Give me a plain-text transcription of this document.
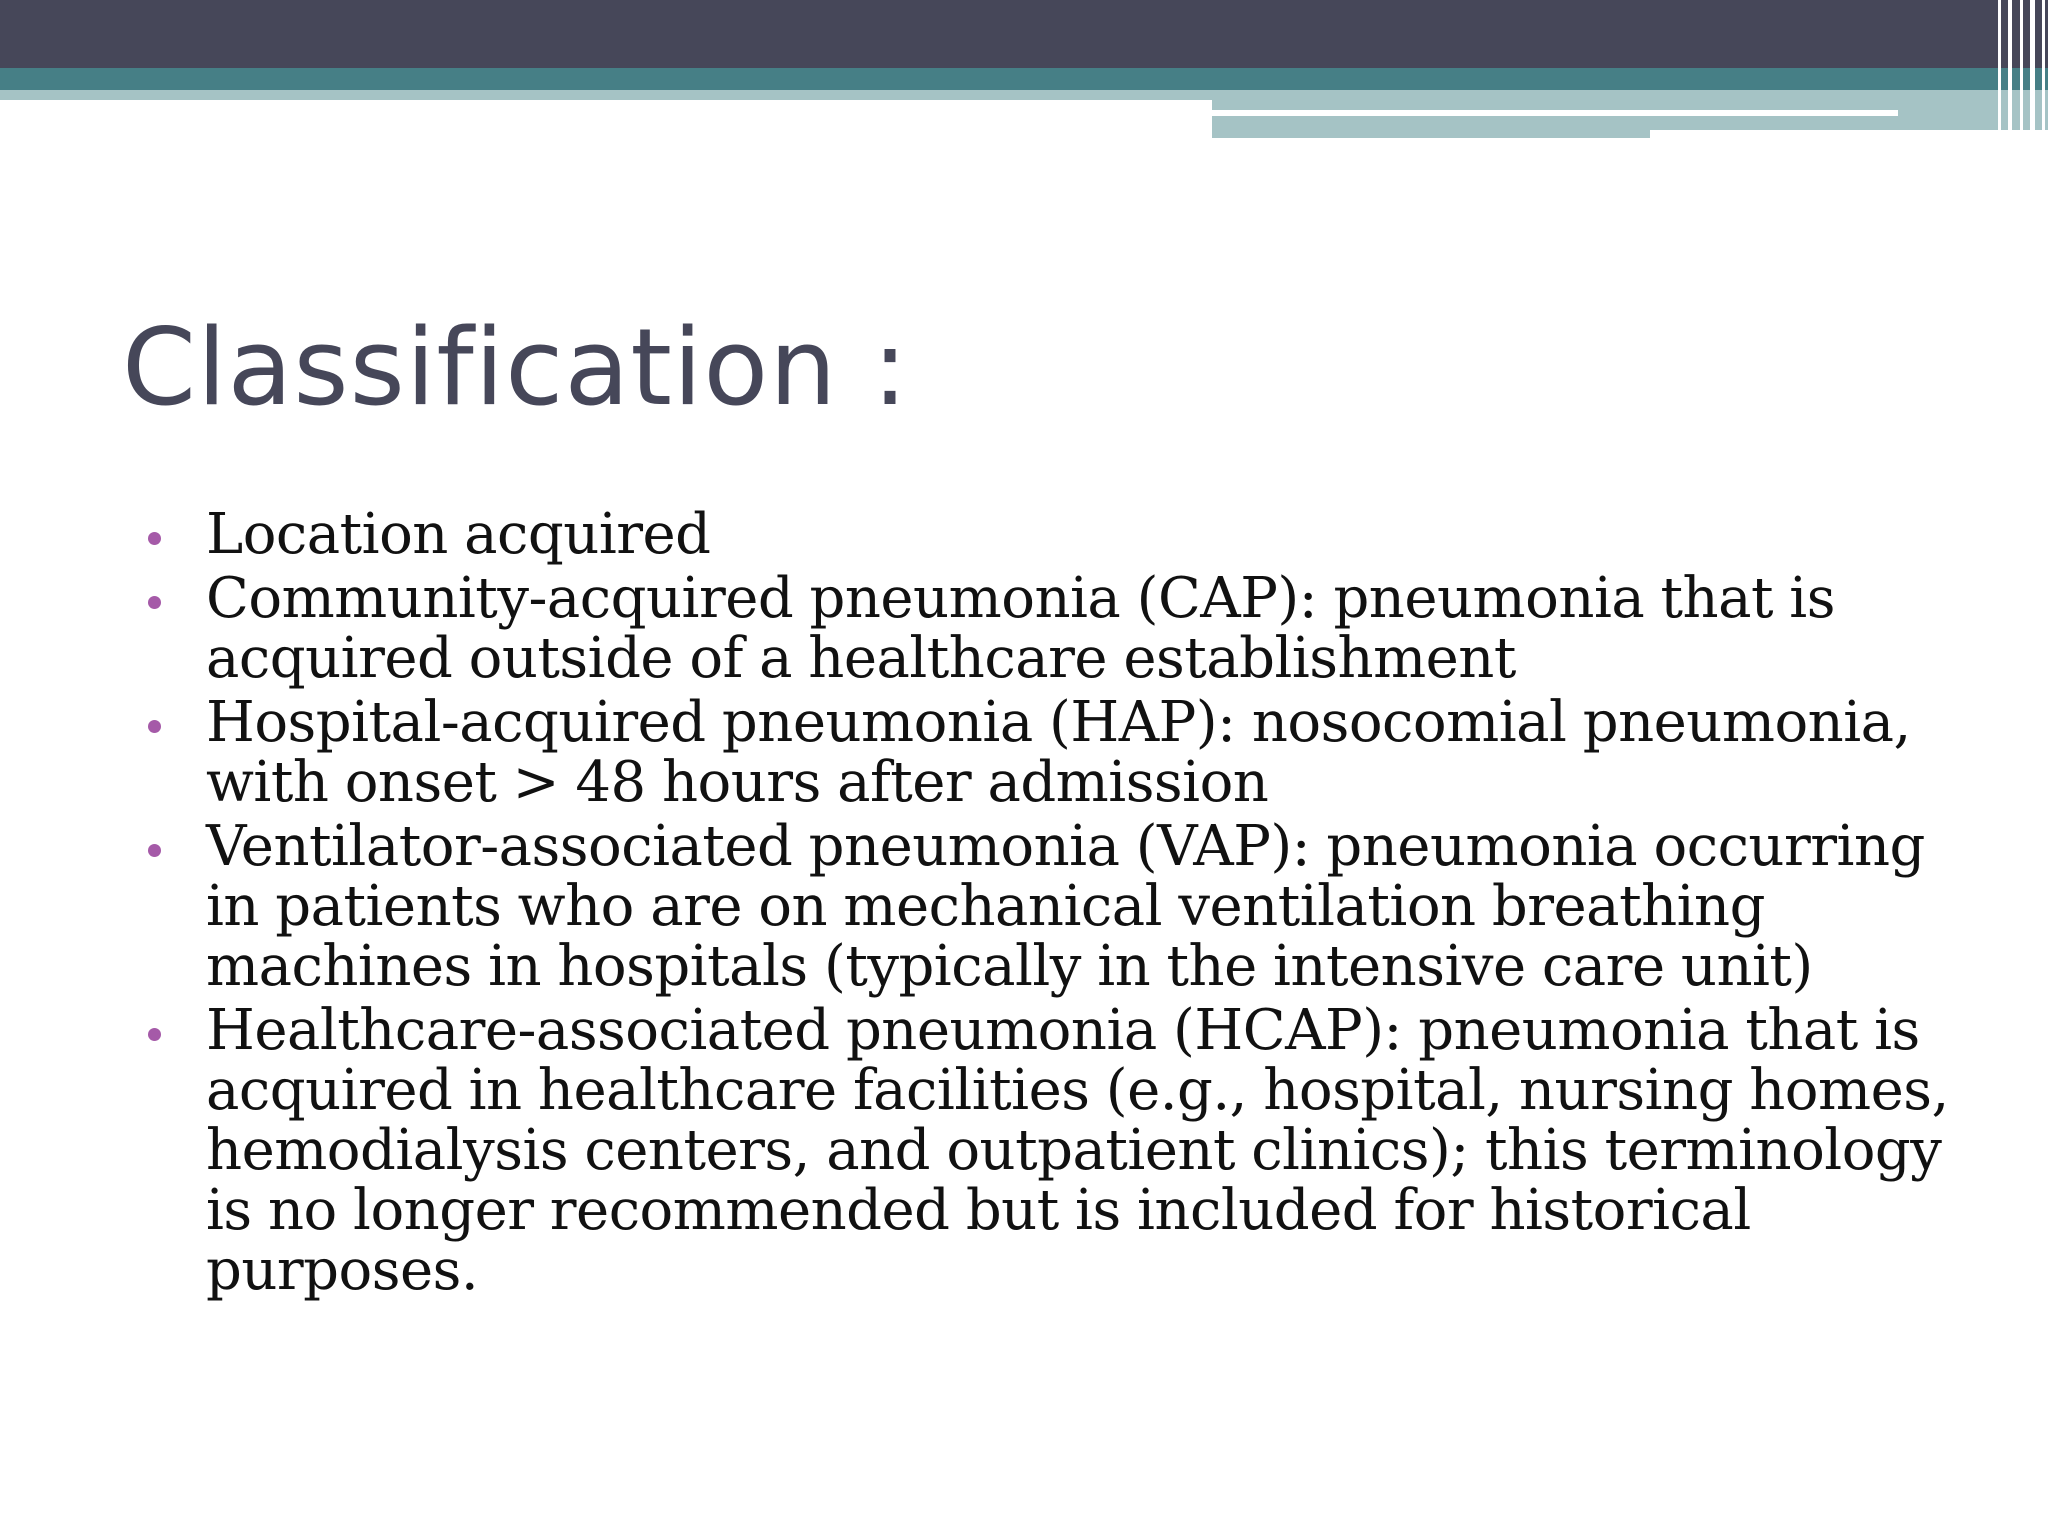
Classification :
Location acquired
Community-acquired pneumonia (CAP): pneumonia that is acquired outside of a healthcare establishment
Hospital-acquired pneumonia (HAP): nosocomial pneumonia, with onset > 48 hours after admission
Ventilator-associated pneumonia (VAP): pneumonia occurring in patients who are on mechanical ventilation breathing machines in hospitals (typically in the intensive care unit)
Healthcare-associated pneumonia (HCAP): pneumonia that is acquired in healthcare facilities (e.g., hospital, nursing homes, hemodialysis centers, and outpatient clinics); this terminology is no longer recommended but is included for historical purposes.
